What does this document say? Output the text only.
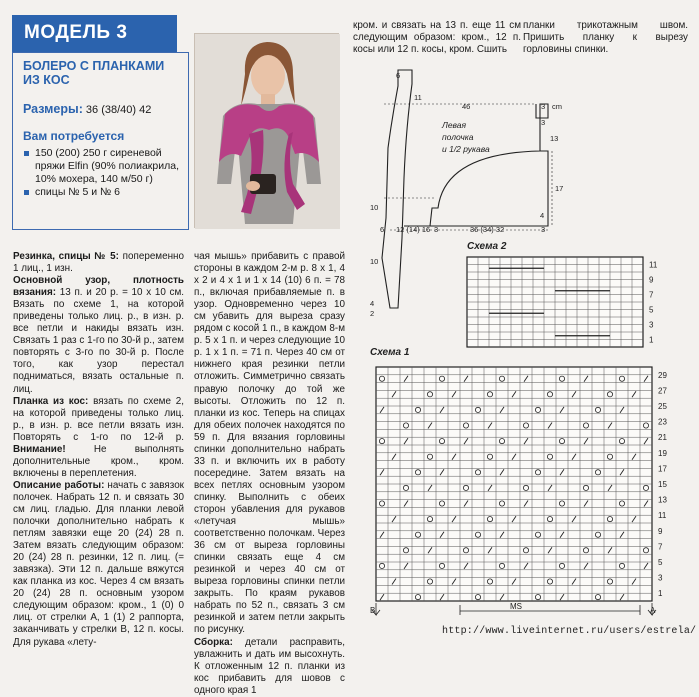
МОДЕЛЬ 3
БОЛЕРО С ПЛАНКАМИ
ИЗ КОС
Размеры: 36 (38/40) 42
Вам потребуется
150 (200) 250 г сиреневой пряжи Elfin (90% полиакрила, 10% мохера, 140 м/50 г)
спицы № 5 и № 6

Резинка, спицы № 5: попеременно 1 лиц., 1 изн.

Основной узор, плотность вязания: 13 п. и 20 р. = 10 х 10 см. Вязать по схеме 1, на которой приведены только лиц. р., в изн. р. все петли и накиды вязать изн. Связать 1 раз с 1-го по 30-й р., затем повторять с 3-го по 30-й р. После того, как узор перестал подниматься, вязать остальные п. лиц.

Планка из кос: вязать по схеме 2, на которой приведены только лиц. р., в изн. р. все петли вязать изн. Повторять с 1-го по 12-й р. Внимание! Не выполнять дополнительные кром., кром. включены в переплетения.

Описание работы: начать с завязок полочек. Набрать 12 п. и связать 30 см лиц. гладью. Для планки левой полочки дополнительно набрать к петлям завязки еще 20 (24) 28 п. Затем вязать следующим образом: 20 (24) 28 п. резинки, 12 п. лиц. (= завязка). Эти 12 п. дальше вяжутся как планка из кос. Через 4 см вязать 20 (24) 28 п. основным узором следующим образом: кром., 1 (0) 0 лиц. от стрелки А, 1 (1) 2 раппорта, заканчивать у стрелки В, 12 п. косы. Для рукава «лету-

чая мышь» прибавить с правой стороны в каждом 2-м р. 8 х 1, 4 х 2 и 4 х 1 и 1 х 14 (10) 6 п. = 78 п., включая прибавляемые п. в узор. Одновременно через 10 см убавить для выреза сразу рядом с косой 1 п., в каждом 8-м р. 5 х 1 п. и через следующие 10 р. 1 х 1 п. = 71 п. Через 40 см от нижнего края резинки петли отложить. Симметрично связать правую полочку до той же высоты. Отложить по 12 п. планки из кос. Теперь на спицах для обеих полочек находятся по 59 п. Для вязания горловины спинки дополнительно набрать 33 п. и включить их в работу посередине. Затем вязать на всех петлях основным узором спинку. Выполнить с обеих сторон убавления для рукавов «летучая мышь» соответственно полочкам. Через 36 см от выреза горловины спинки связать еще 4 см резинкой и через 40 см от выреза горловины спинки петли закрыть. По краям рукавов набрать по 52 п., связать 3 см резинкой и затем петли закрыть по рисунку.

Сборка: детали расправить, увлажнить и дать им высохнуть. К отложенным 12 п. планки из кос прибавить для шовов с одного края 1

кром. и связать на 13 п. еще 11 см следующим образом: кром., 12 п. косы или 12 п. косы, кром. Сшить
планки трикотажным швом. Пришить планку к вырезу горловины спинки.
6
11
46	3 cm
3
13
17
10
4
6 12 (14) 16 3	36 (34) 32	3
10
4
2
Левая
полочка
и 1/2 рукава
Схема 2
11
9
7
5
3
1
Схема 1
29
27
25
23
21
19
17
15
13
11
9
7
5
3
1
B	A
MS
http://www.liveinternet.ru/users/estrela/
